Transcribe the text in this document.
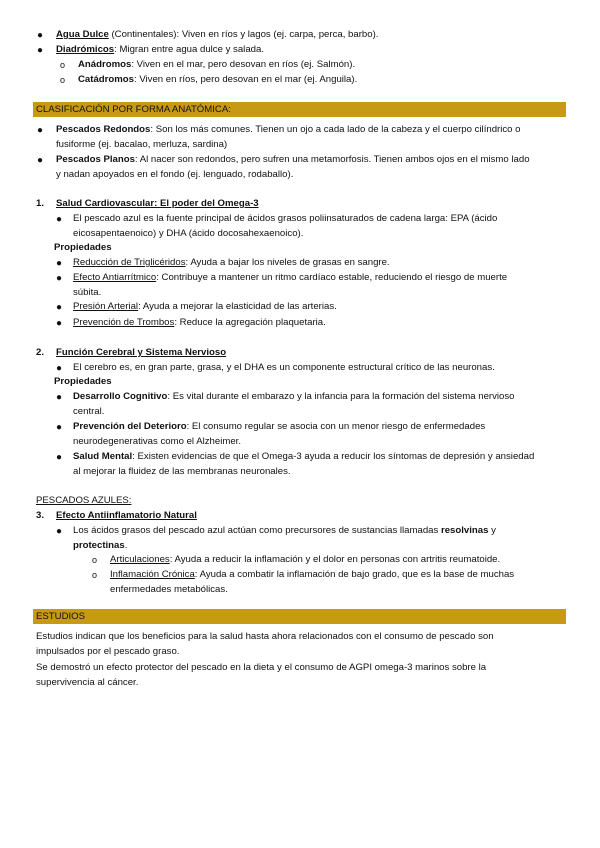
● Agua Dulce (Continentales): Viven en ríos y lagos (ej. carpa, perca, barbo).
● Diadrómicos: Migran entre agua dulce y salada.
o Anádromos: Viven en el mar, pero desovan en ríos (ej. Salmón).
o Catádromos: Viven en ríos, pero desovan en el mar (ej. Anguila).
CLASIFICACIÓN POR FORMA ANATÓMICA:
● Pescados Redondos: Son los más comunes. Tienen un ojo a cada lado de la cabeza y el cuerpo cilíndrico o
fusiforme (ej. bacalao, merluza, sardina)
● Pescados Planos: Al nacer son redondos, pero sufren una metamorfosis. Tienen ambos ojos en el mismo lado
y nadan apoyados en el fondo (ej. lenguado, rodaballo).
1. Salud Cardiovascular: El poder del Omega-3
● El pescado azul es la fuente principal de ácidos grasos poliinsaturados de cadena larga: EPA (ácido
eicosapentaenoico) y DHA (ácido docosahexaenoico).
Propiedades
● Reducción de Triglicéridos: Ayuda a bajar los niveles de grasas en sangre.
● Efecto Antiarrítmico: Contribuye a mantener un ritmo cardíaco estable, reduciendo el riesgo de muerte
súbita.
● Presión Arterial: Ayuda a mejorar la elasticidad de las arterias.
● Prevención de Trombos: Reduce la agregación plaquetaria.
2. Función Cerebral y Sistema Nervioso
● El cerebro es, en gran parte, grasa, y el DHA es un componente estructural crítico de las neuronas.
Propiedades
● Desarrollo Cognitivo: Es vital durante el embarazo y la infancia para la formación del sistema nervioso
central.
● Prevención del Deterioro: El consumo regular se asocia con un menor riesgo de enfermedades
neurodegenerativas como el Alzheimer.
● Salud Mental: Existen evidencias de que el Omega-3 ayuda a reducir los síntomas de depresión y ansiedad
al mejorar la fluidez de las membranas neuronales.
PESCADOS AZULES:
3. Efecto Antiinflamatorio Natural
● Los ácidos grasos del pescado azul actúan como precursores de sustancias llamadas resolvinas y
protectinas.
o Articulaciones: Ayuda a reducir la inflamación y el dolor en personas con artritis reumatoide.
o Inflamación Crónica: Ayuda a combatir la inflamación de bajo grado, que es la base de muchas
enfermedades metabólicas.
ESTUDIOS
Estudios indican que los beneficios para la salud hasta ahora relacionados con el consumo de pescado son
impulsados por el pescado graso.
Se demostró un efecto protector del pescado en la dieta y el consumo de AGPI omega-3 marinos sobre la
supervivencia al cáncer.
